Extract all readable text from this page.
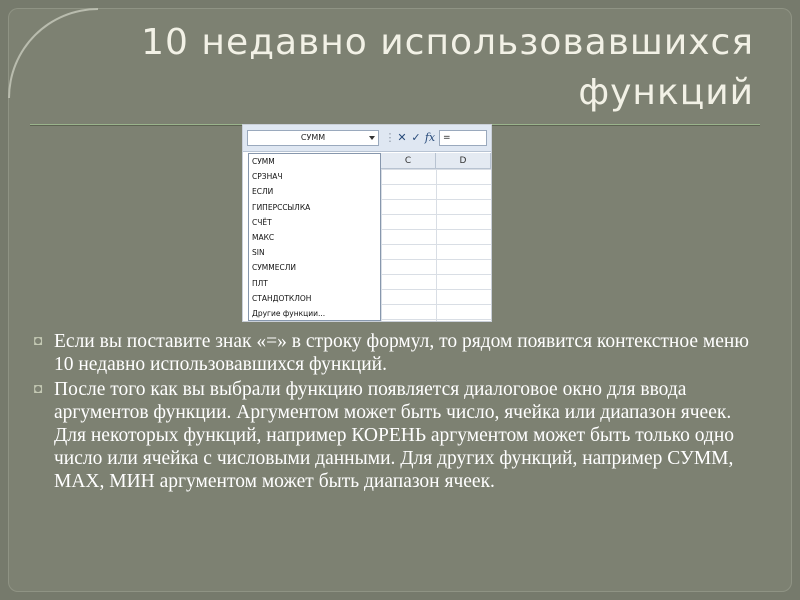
10 недавно использовавшихся
функций
СУММ	⋮ ✕ ✓ fx =
C	D
СУММ
СРЗНАЧ
ЕСЛИ
ГИПЕРССЫЛКА
СЧЁТ
МАКС
SIN
СУММЕСЛИ
ПЛТ
СТАНДОТКЛОН
Другие функции...
◘ Если вы поставите знак «=» в строку формул, то рядом появится контекстное меню 10 недавно использовавшихся функций.
◘ После того как вы выбрали функцию появляется диалоговое окно для ввода аргументов функции. Аргументом может быть число, ячейка или диапазон ячеек. Для некоторых функций, например КОРЕНЬ аргументом может быть только одно число или ячейка с числовыми данными. Для других функций, например СУММ, МАХ, МИН аргументом может быть диапазон ячеек.
